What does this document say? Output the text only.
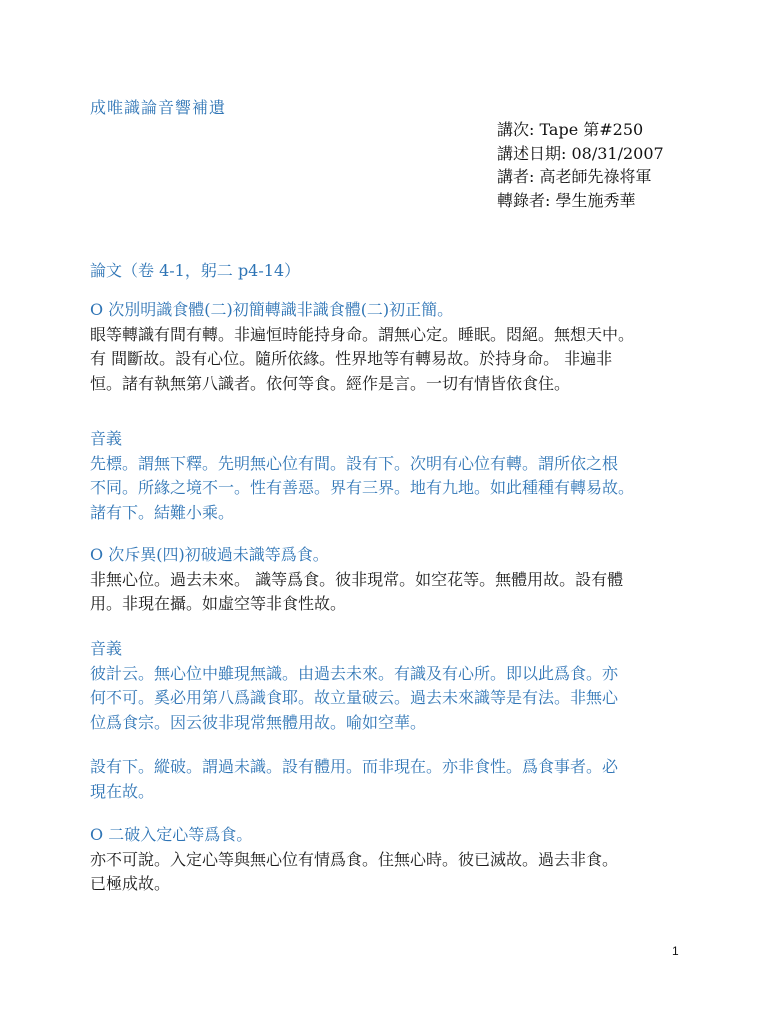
成唯識論音響補遺
講次: Tape 第#250
講述日期: 08/31/2007
講者: 高老師先祿将軍
轉錄者: 學生施秀華
論文（卷 4-1，躬二 p4-14）
O 次別明識食體(二)初簡轉識非識食體(二)初正簡。
眼等轉識有間有轉。非遍恒時能持身命。謂無心定。睡眠。悶絕。無想天中。
有 間斷故。設有心位。隨所依緣。性界地等有轉易故。於持身命。 非遍非
恒。諸有執無第八識者。依何等食。經作是言。一切有情皆依食住。
音義
先標。謂無下釋。先明無心位有間。設有下。次明有心位有轉。謂所依之根
不同。所緣之境不一。性有善惡。界有三界。地有九地。如此種種有轉易故。
諸有下。結難小乘。
O 次斥異(四)初破過未識等爲食。
非無心位。過去未來。 識等爲食。彼非現常。如空花等。無體用故。設有體
用。非現在攝。如虛空等非食性故。
音義
彼計云。無心位中雖現無識。由過去未來。有識及有心所。即以此爲食。亦
何不可。奚必用第八爲識食耶。故立量破云。過去未來識等是有法。非無心
位爲食宗。因云彼非現常無體用故。喻如空華。
設有下。縱破。謂過未識。設有體用。而非現在。亦非食性。爲食事者。必
現在故。
O 二破入定心等爲食。
亦不可說。入定心等與無心位有情爲食。住無心時。彼已滅故。過去非食。
已極成故。
1
